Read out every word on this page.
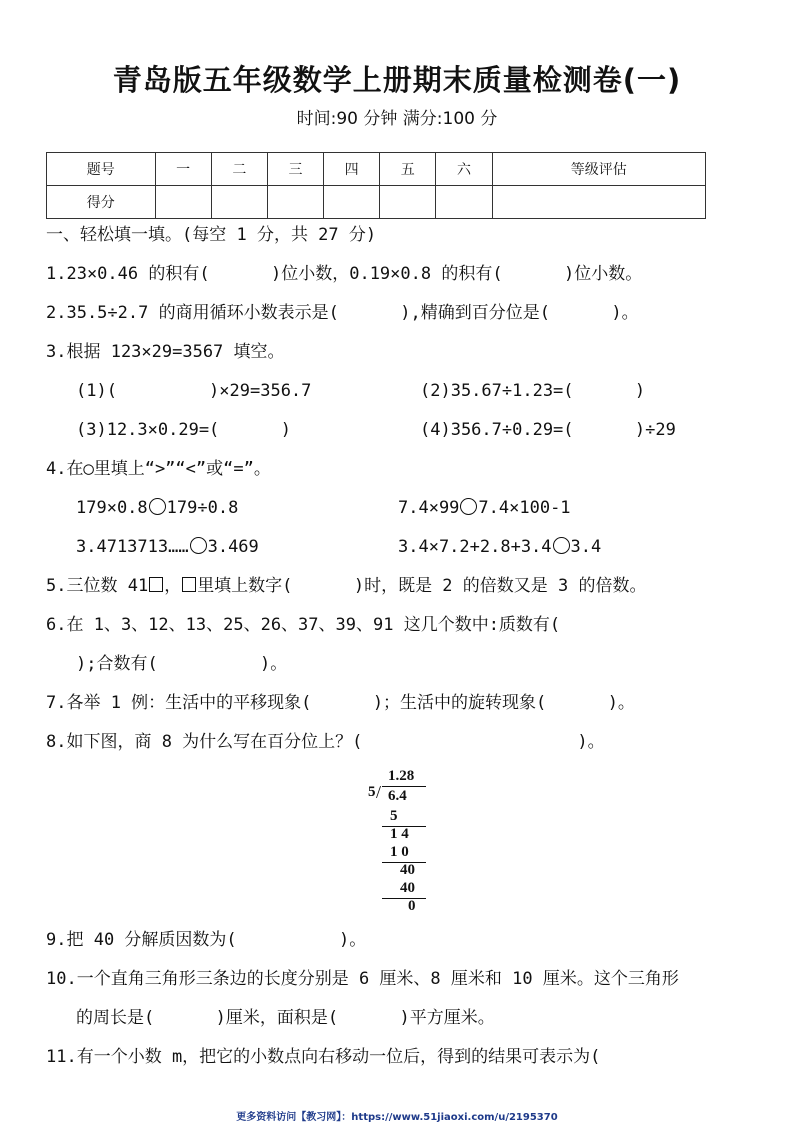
青岛版五年级数学上册期末质量检测卷(一)
时间:90 分钟 满分:100 分
题号	一	二	三	四	五	六	等级评估
得分							
一、轻松填一填。(每空 1 分，共 27 分)
1.23×0.46 的积有(      )位小数，0.19×0.8 的积有(      )位小数。
2.35.5÷2.7 的商用循环小数表示是(      ),精确到百分位是(      )。
3.根据 123×29=3567 填空。
(1)(         )×29=356.7	(2)35.67÷1.23=(      )
(3)12.3×0.29=(      )	(4)356.7÷0.29=(      )÷29
4.在◯里填上“>”“<”或“=”。
179×0.8 179÷0.8	7.4×99 7.4×100-1
3.4713713…… 3.469	3.4×7.2+2.8+3.4 3.4
5.三位数 41 ， 里填上数字(      )时，既是 2 的倍数又是 3 的倍数。
6.在 1、3、12、13、25、26、37、39、91 这几个数中:质数有(
);合数有(          )。
7.各举 1 例：生活中的平移现象(      )；生活中的旋转现象(      )。
8.如下图，商 8 为什么写在百分位上？(                     )。
1.28
5 / 6.4
5
1 4
1 0
40
40
0
9.把 40 分解质因数为(          )。
10.一个直角三角形三条边的长度分别是 6 厘米、8 厘米和 10 厘米。这个三角形
的周长是(      )厘米，面积是(      )平方厘米。
11.有一个小数 m，把它的小数点向右移动一位后，得到的结果可表示为(
更多资料访问【教习网】：https://www.51jiaoxi.com/u/2195370
